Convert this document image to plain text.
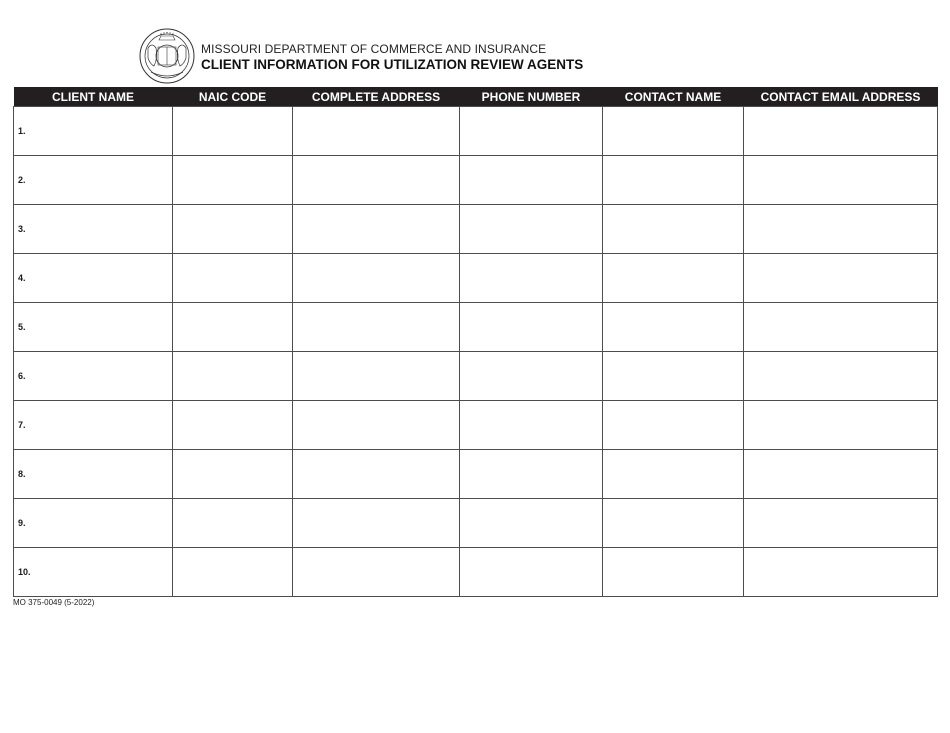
MISSOURI DEPARTMENT OF COMMERCE AND INSURANCE
CLIENT INFORMATION FOR UTILIZATION REVIEW AGENTS
CLIENT NAME	NAIC CODE	COMPLETE ADDRESS	PHONE NUMBER	CONTACT NAME	CONTACT EMAIL ADDRESS
1.					
2.					
3.					
4.					
5.					
6.					
7.					
8.					
9.					
10.					
MO 375-0049 (5-2022)
